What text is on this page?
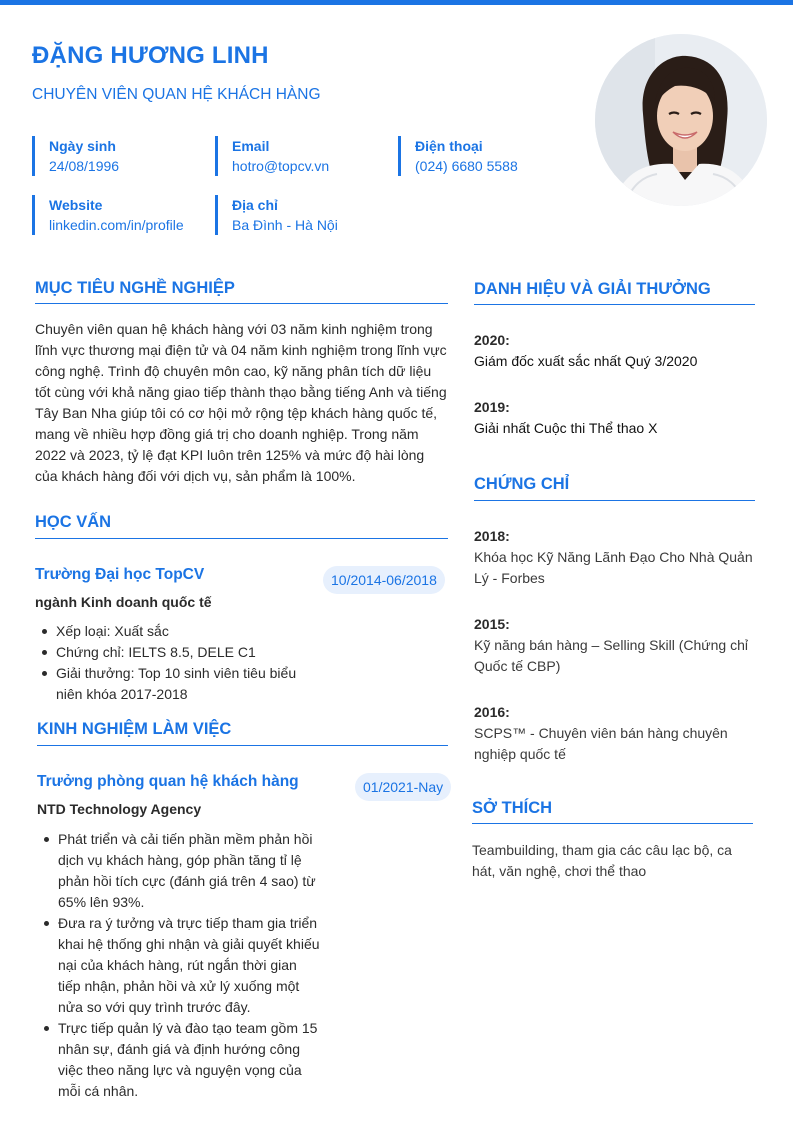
ĐẶNG HƯƠNG LINH
CHUYÊN VIÊN QUAN HỆ KHÁCH HÀNG
Ngày sinh
24/08/1996
Email
hotro@topcv.vn
Điện thoại
(024) 6680 5588
Website
linkedin.com/in/profile
Địa chỉ
Ba Đình - Hà Nội
MỤC TIÊU NGHỀ NGHIỆP
Chuyên viên quan hệ khách hàng với 03 năm kinh nghiệm trong lĩnh vực thương mại điện tử và 04 năm kinh nghiệm trong lĩnh vực công nghệ. Trình độ chuyên môn cao, kỹ năng phân tích dữ liệu tốt cùng với khả năng giao tiếp thành thạo bằng tiếng Anh và tiếng Tây Ban Nha giúp tôi có cơ hội mở rộng tệp khách hàng quốc tế, mang về nhiều hợp đồng giá trị cho doanh nghiệp. Trong năm 2022 và 2023, tỷ lệ đạt KPI luôn trên 125% và mức độ hài lòng của khách hàng đối với dịch vụ, sản phẩm là 100%.
HỌC VẤN
Trường Đại học TopCV	10/2014-06/2018
ngành Kinh doanh quốc tế
Xếp loại: Xuất sắc
Chứng chỉ: IELTS 8.5, DELE C1
Giải thưởng: Top 10 sinh viên tiêu biểu niên khóa 2017-2018
KINH NGHIỆM LÀM VIỆC
Trưởng phòng quan hệ khách hàng	01/2021-Nay
NTD Technology Agency
Phát triển và cải tiến phần mềm phản hồi dịch vụ khách hàng, góp phần tăng tỉ lệ phản hồi tích cực (đánh giá trên 4 sao) từ 65% lên 93%.
Đưa ra ý tưởng và trực tiếp tham gia triển khai hệ thống ghi nhận và giải quyết khiếu nại của khách hàng, rút ngắn thời gian tiếp nhận, phản hồi và xử lý xuống một nửa so với quy trình trước đây.
Trực tiếp quản lý và đào tạo team gồm 15 nhân sự, đánh giá và định hướng công việc theo năng lực và nguyện vọng của mỗi cá nhân.
DANH HIỆU VÀ GIẢI THƯỞNG
2020:
Giám đốc xuất sắc nhất Quý 3/2020
2019:
Giải nhất Cuộc thi Thể thao X
CHỨNG CHỈ
2018:
Khóa học Kỹ Năng Lãnh Đạo Cho Nhà Quản Lý - Forbes
2015:
Kỹ năng bán hàng – Selling Skill (Chứng chỉ Quốc tế CBP)
2016:
SCPS™ - Chuyên viên bán hàng chuyên nghiệp quốc tế
SỞ THÍCH
Teambuilding, tham gia các câu lạc bộ, ca hát, văn nghệ, chơi thể thao
